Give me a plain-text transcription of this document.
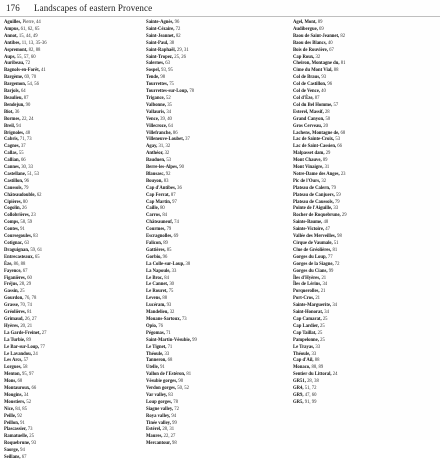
176 Landscapes of eastern Provence
Aguilles, Pierre, 44
Ampus, 61, 62, 65
Annot, 15, 44, 49
Antibes, 11, 13, 35-36
Aspremont, 82, 88
Aups, 55, 57, 60
Auribeau, 72
Bagnols-en-Forêt, 41
Bargème, 69, 70
Bargemon, 54, 56
Barjols, 64
Beaulieu, 87
Bendejun, 90
Biot, 36
Bormes, 22, 24
Breil, 94
Brignoles, 48
Cabris, 71, 73
Cagnes, 37
Callas, 55
Callian, 66
Cannes, 30, 33
Castellane, 51, 53
Castillon, 96
Caussols, 79
Châteaudouble, 62
Cipières, 80
Cogolin, 26
Collobrières, 23
Comps, 58, 59
Contes, 91
Coursegoules, 83
Cotignac, 63
Draguignan, 59, 61
Entrecasteaux, 65
Èze, 86, 88
Fayence, 67
Figanières, 60
Fréjus, 28, 29
Gassin, 25
Gourdon, 76, 78
Grasse, 70, 74
Gréolières, 81
Grimaud, 26, 27
Hyères, 20, 21
La Garde-Freinet, 27
La Turbie, 89
Le Bar-sur-Loup, 77
Le Lavandou, 24
Les Arcs, 57
Lorgues, 58
Menton, 95, 97
Mons, 68
Montauroux, 66
Mougins, 34
Moustiers, 52
Nice, 84, 85
Peille, 92
Peillon, 91
Plascassier, 73
Ramatuelle, 25
Roquebrune, 93
Saorge, 94
Seillans, 67
Sainte-Agnès, 96
Saint-Cézaire, 72
Saint-Jeannet, 82
Saint-Paul, 38
Saint-Raphaël, 29, 31
Saint-Tropez, 25, 26
Salernes, 63
Sospel, 93, 95
Tende, 98
Tourrettes, 75
Tourrettes-sur-Loup, 78
Trigance, 52
Valbonne, 35
Vallauris, 34
Vence, 39, 40
Villecroze, 64
Villefranche, 86
Villeneuve-Loubet, 37
Agay, 31, 32
Anthéor, 32
Bauduen, 53
Berre-les-Alpes, 90
Blausasc, 92
Bouyon, 83
Cap d'Antibes, 36
Cap Ferrat, 87
Cap Martin, 97
Caille, 80
Carros, 84
Châteauneuf, 74
Courmes, 79
Escragnolles, 69
Falicon, 89
Gattières, 85
Gorbio, 96
La Colle-sur-Loup, 38
La Napoule, 33
Le Broc, 84
Le Cannet, 30
Le Rouret, 75
Levens, 88
Lucéram, 93
Mandelieu, 32
Mouans-Sartoux, 73
Opio, 76
Pégomas, 71
Saint-Martin-Vésubie, 99
Le Tignet, 71
Théoule, 33
Tanneron, 68
Utelle, 91
Vallon de l'Estéron, 81
Vésubie gorges, 90
Verdon gorges, 50, 52
Var valley, 83
Loup gorges, 78
Siagne valley, 72
Roya valley, 94
Tinée valley, 99
Estérel, 28, 31
Maures, 22, 27
Mercantour, 98
Agel, Mont, 89
Audibergue, 69
Baou de Saint-Jeannet, 82
Baou des Blancs, 40
Bois de Rouvière, 67
Cap Roux, 32
Cheiron, Montagne du, 81
Cime du Mont Vial, 88
Col de Braus, 93
Col de Castillon, 96
Col de Vence, 40
Col d'Èze, 87
Col du Bel Homme, 57
Esterel, Massif, 28
Grand Canyon, 50
Gros Cerveau, 20
Lachens, Montagne de, 68
Lac de Sainte-Croix, 53
Lac de Saint-Cassien, 66
Malpasset dam, 29
Mont Chauve, 89
Mont Vinaigre, 31
Notre-Dame des Anges, 23
Pic de l'Ours, 32
Plateau de Calern, 79
Plateau de Canjuers, 59
Plateau de Caussols, 79
Pointe de l'Aiguille, 33
Rocher de Roquebrune, 29
Sainte-Baume, 48
Sainte-Victoire, 47
Vallée des Merveilles, 98
Cirque de Vaumale, 51
Clue de Gréolières, 81
Gorges du Loup, 77
Gorges de la Siagne, 72
Gorges du Cians, 99
Îles d'Hyères, 21
Îles de Lérins, 34
Porquerolles, 21
Port-Cros, 21
Sainte-Marguerite, 34
Saint-Honorat, 34
Cap Camarat, 25
Cap Lardier, 25
Cap Taillat, 25
Pampelonne, 25
Le Trayas, 33
Théoule, 33
Cap d'Ail, 88
Monaco, 88, 89
Sentier du Littoral, 24
GR51, 28, 38
GR4, 51, 72
GR9, 47, 60
GR5, 91, 99
